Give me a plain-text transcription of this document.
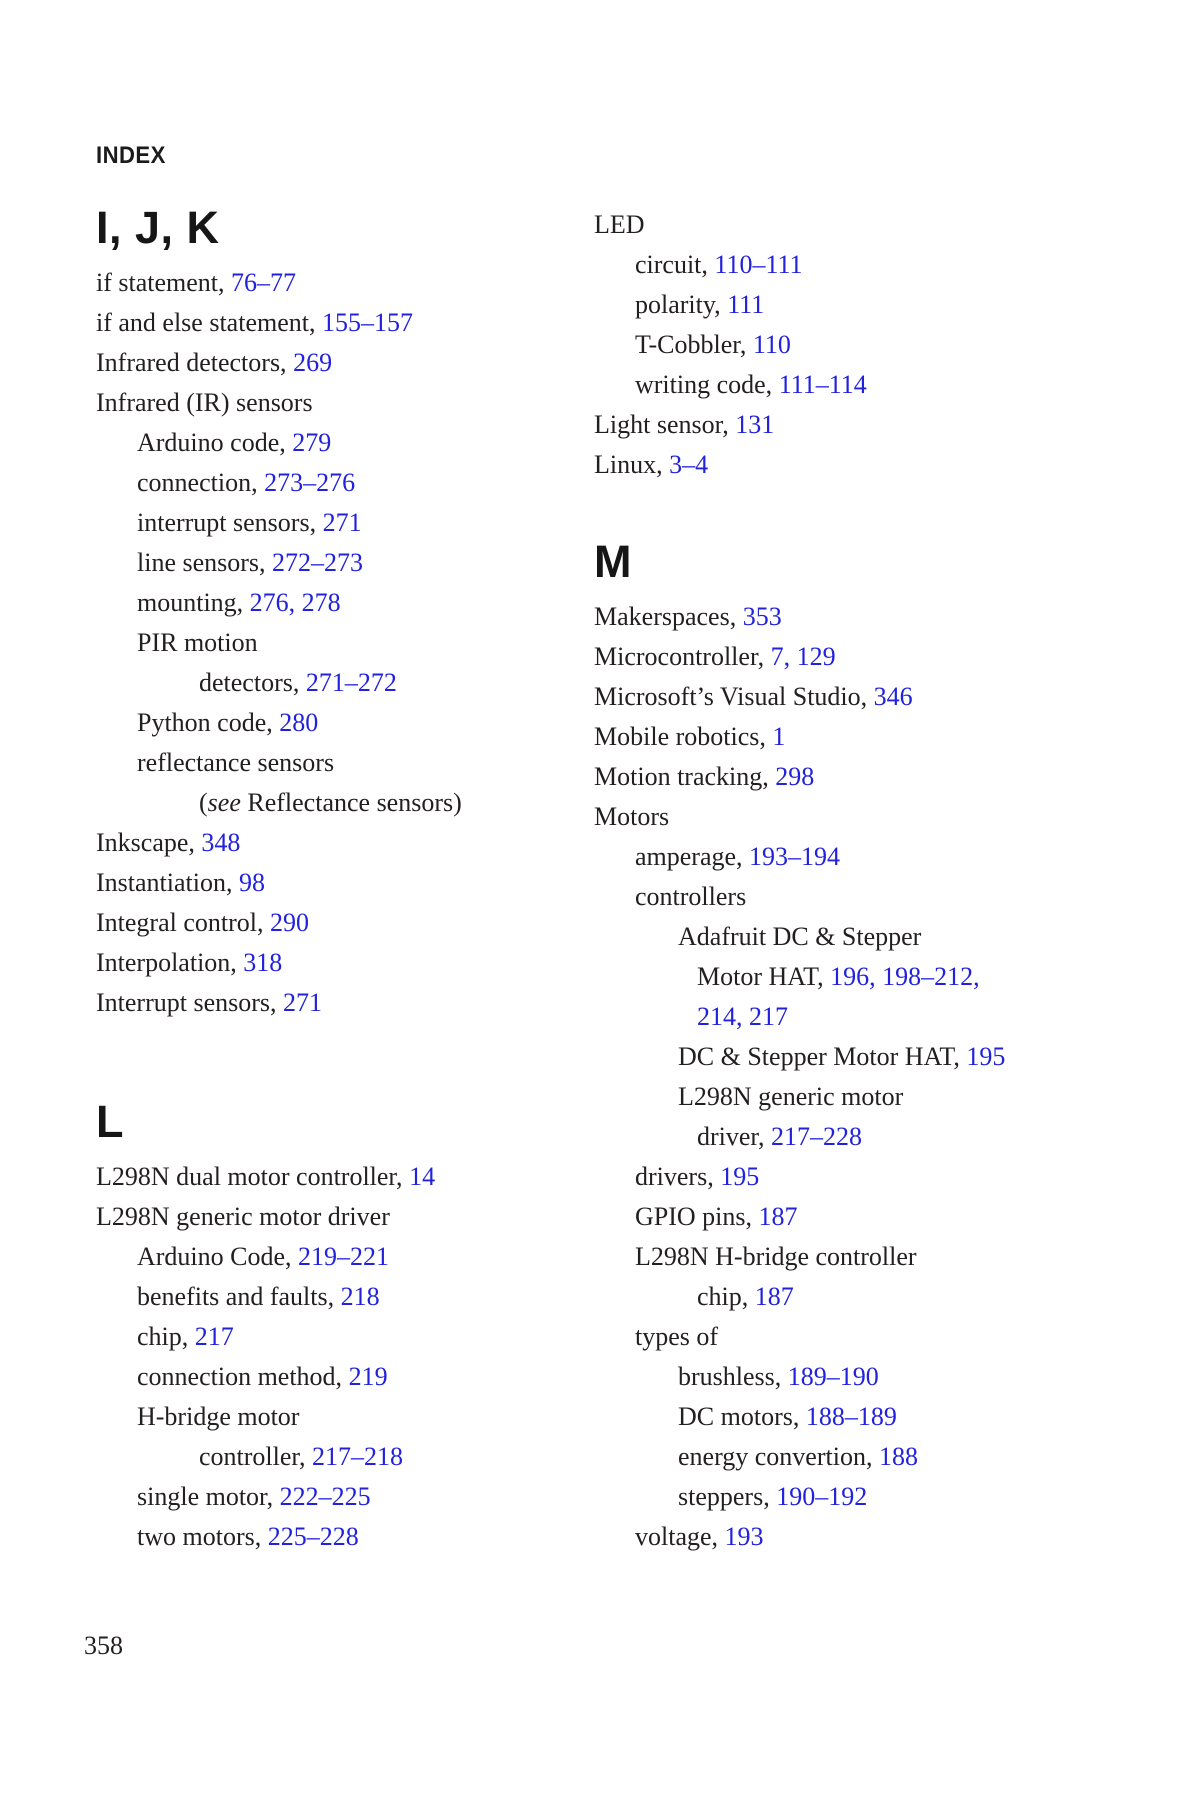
INDEX
I, J, K
if statement, 76–77
if and else statement, 155–157
Infrared detectors, 269
Infrared (IR) sensors
Arduino code, 279
connection, 273–276
interrupt sensors, 271
line sensors, 272–273
mounting, 276, 278
PIR motion
detectors, 271–272
Python code, 280
reflectance sensors
(see Reflectance sensors)
Inkscape, 348
Instantiation, 98
Integral control, 290
Interpolation, 318
Interrupt sensors, 271
L
L298N dual motor controller, 14
L298N generic motor driver
Arduino Code, 219–221
benefits and faults, 218
chip, 217
connection method, 219
H-bridge motor
controller, 217–218
single motor, 222–225
two motors, 225–228
LED
circuit, 110–111
polarity, 111
T-Cobbler, 110
writing code, 111–114
Light sensor, 131
Linux, 3–4
M
Makerspaces, 353
Microcontroller, 7, 129
Microsoft’s Visual Studio, 346
Mobile robotics, 1
Motion tracking, 298
Motors
amperage, 193–194
controllers
Adafruit DC & Stepper
Motor HAT, 196, 198–212,
214, 217
DC & Stepper Motor HAT, 195
L298N generic motor
driver, 217–228
drivers, 195
GPIO pins, 187
L298N H-bridge controller
chip, 187
types of
brushless, 189–190
DC motors, 188–189
energy convertion, 188
steppers, 190–192
voltage, 193
358
